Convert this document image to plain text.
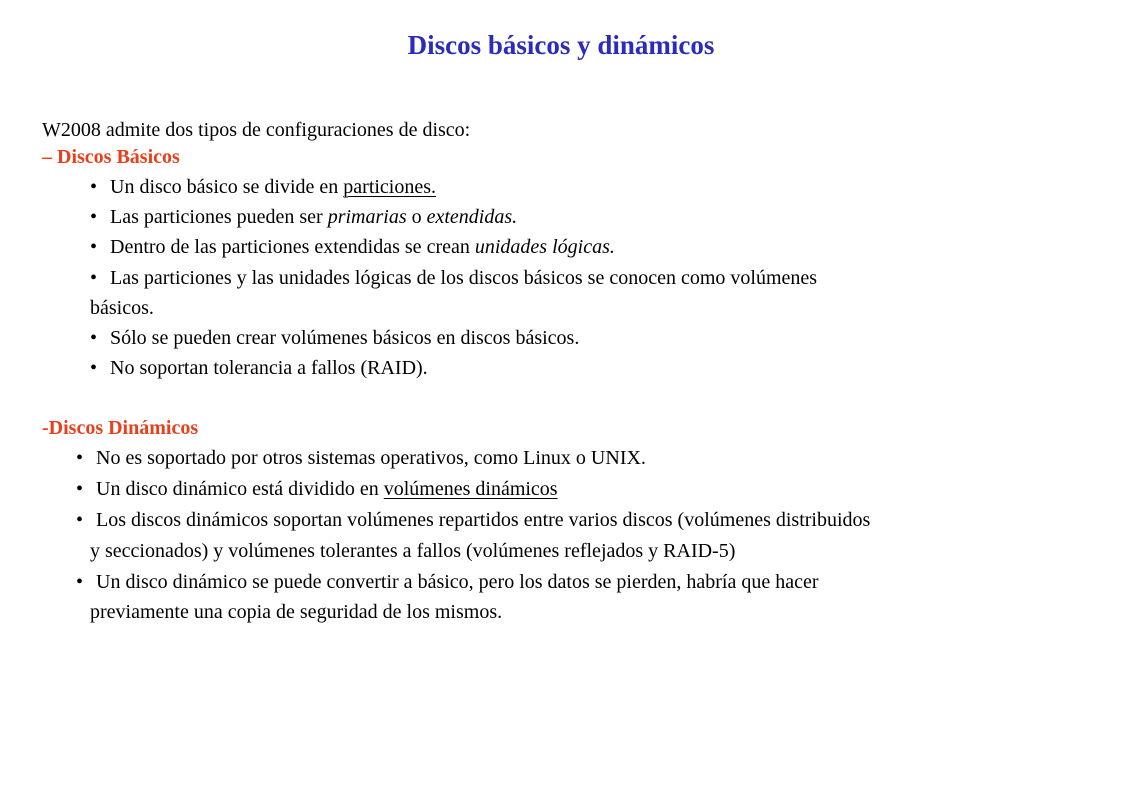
Discos básicos y dinámicos

W2008 admite dos tipos de configuraciones de disco:

– Discos Básicos

• Un disco básico se divide en particiones.

• Las particiones pueden ser primarias o extendidas.

• Dentro de las particiones extendidas se crean unidades lógicas.

• Las particiones y las unidades lógicas de los discos básicos se conocen como volúmenes

básicos.

• Sólo se pueden crear volúmenes básicos en discos básicos.

• No soportan tolerancia a fallos (RAID).

-Discos Dinámicos

• No es soportado por otros sistemas operativos, como Linux o UNIX.

• Un disco dinámico está dividido en volúmenes dinámicos

• Los discos dinámicos soportan volúmenes repartidos entre varios discos (volúmenes distribuidos

y seccionados) y volúmenes tolerantes a fallos (volúmenes reflejados y RAID-5)

• Un disco dinámico se puede convertir a básico, pero los datos se pierden, habría que hacer

previamente una copia de seguridad de los mismos.
